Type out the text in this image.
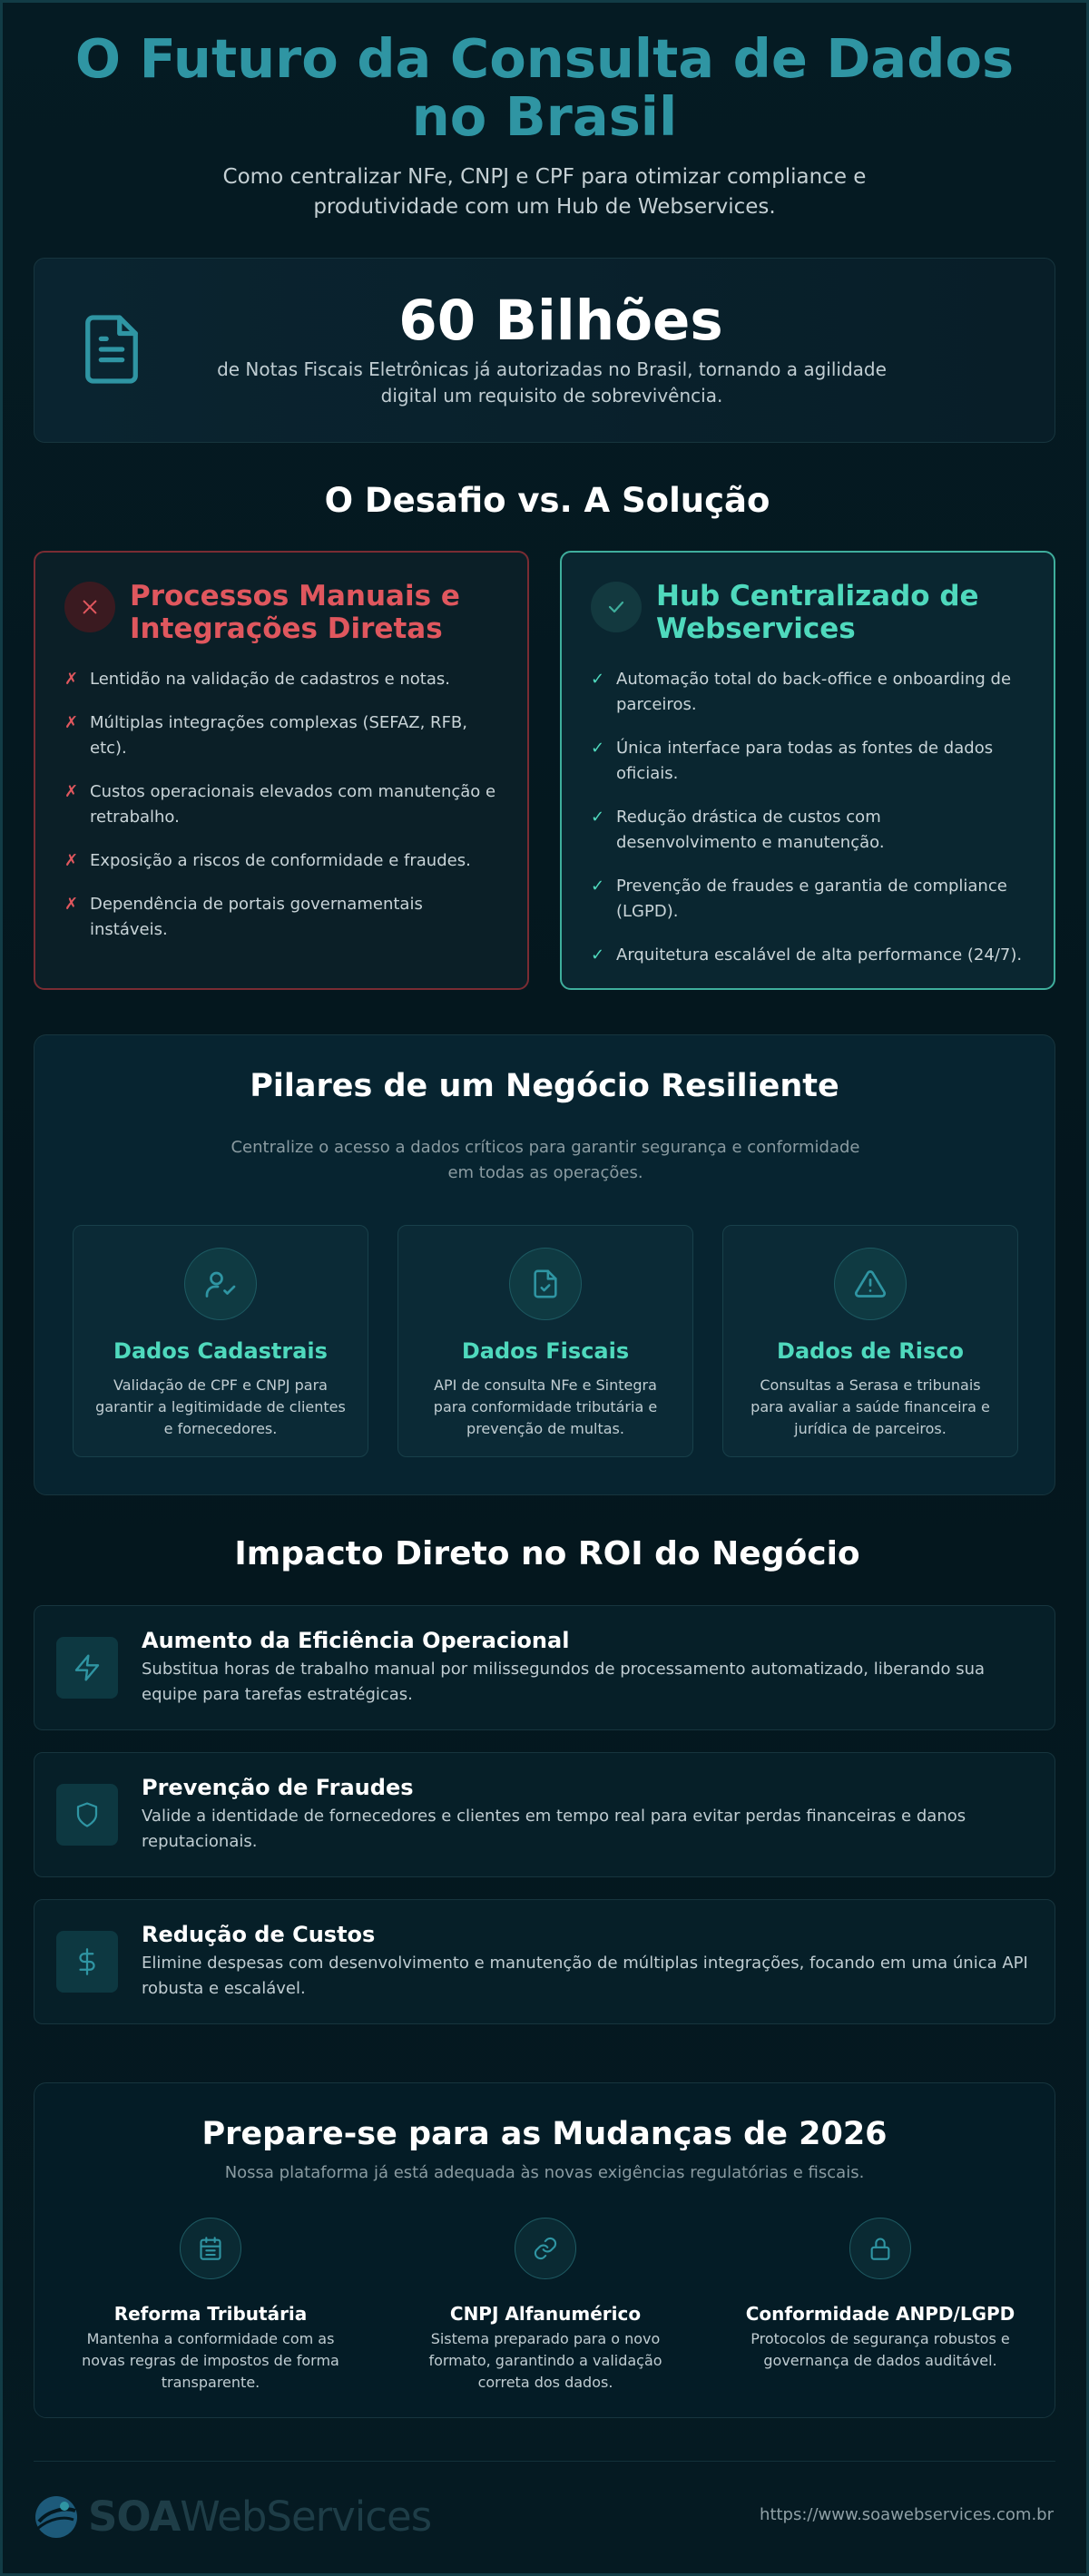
O Futuro da Consulta de Dados no Brasil

Como centralizar NFe, CNPJ e CPF para otimizar compliance e produtividade com um Hub de Webservices.

60 Bilhões
de Notas Fiscais Eletrônicas já autorizadas no Brasil, tornando a agilidade digital um requisito de sobrevivência.
O Desafio vs. A Solução
Processos Manuais e Integrações Diretas
✗ Lentidão na validação de cadastros e notas.
✗ Múltiplas integrações complexas (SEFAZ, RFB, etc).
✗ Custos operacionais elevados com manutenção e retrabalho.
✗ Exposição a riscos de conformidade e fraudes.
✗ Dependência de portais governamentais instáveis.
Hub Centralizado de Webservices
✓ Automação total do back-office e onboarding de parceiros.
✓ Única interface para todas as fontes de dados oficiais.
✓ Redução drástica de custos com desenvolvimento e manutenção.
✓ Prevenção de fraudes e garantia de compliance (LGPD).
✓ Arquitetura escalável de alta performance (24/7).
Pilares de um Negócio Resiliente
Centralize o acesso a dados críticos para garantir segurança e conformidade em todas as operações.
Dados Cadastrais

Validação de CPF e CNPJ para garantir a legitimidade de clientes e fornecedores.

Dados Fiscais

API de consulta NFe e Sintegra para conformidade tributária e prevenção de multas.

Dados de Risco

Consultas a Serasa e tribunais para avaliar a saúde financeira e jurídica de parceiros.

Impacto Direto no ROI do Negócio
Aumento da Eficiência Operacional

Substitua horas de trabalho manual por milissegundos de processamento automatizado, liberando sua equipe para tarefas estratégicas.

Prevenção de Fraudes

Valide a identidade de fornecedores e clientes em tempo real para evitar perdas financeiras e danos reputacionais.

Redução de Custos

Elimine despesas com desenvolvimento e manutenção de múltiplas integrações, focando em uma única API robusta e escalável.

Prepare-se para as Mudanças de 2026
Nossa plataforma já está adequada às novas exigências regulatórias e fiscais.
Reforma Tributária

Mantenha a conformidade com as novas regras de impostos de forma transparente.

CNPJ Alfanumérico

Sistema preparado para o novo formato, garantindo a validação correta dos dados.

Conformidade ANPD/LGPD

Protocolos de segurança robustos e governança de dados auditável.

SOAWebServices	https://www.soawebservices.com.br
